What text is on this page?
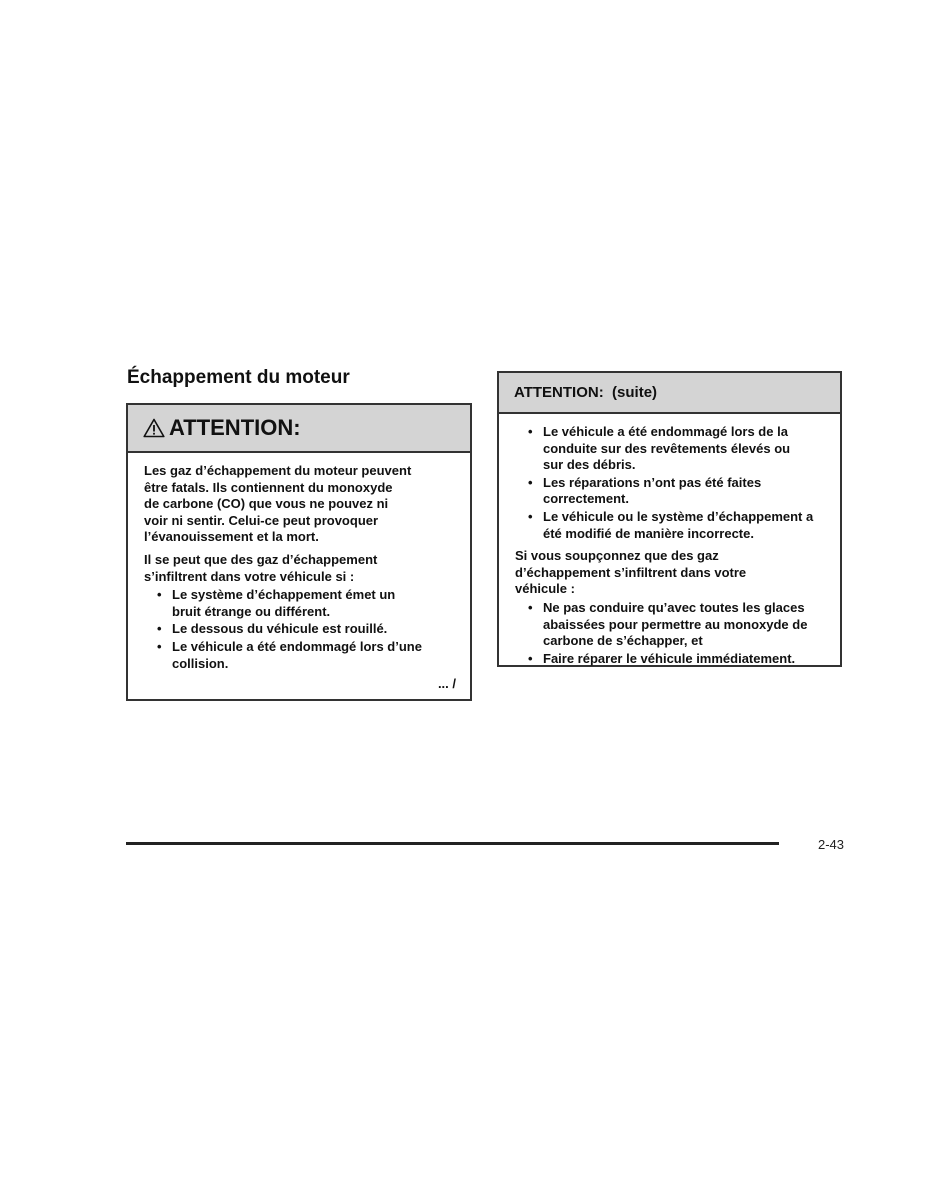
Échappement du moteur
ATTENTION:

Les gaz d’échappement du moteur peuvent
être fatals. Ils contiennent du monoxyde
de carbone (CO) que vous ne pouvez ni
voir ni sentir. Celui-ce peut provoquer
l’évanouissement et la mort.

Il se peut que des gaz d’échappement
s’infiltrent dans votre véhicule si :

• Le système d’échappement émet un bruit étrange ou différent.
• Le dessous du véhicule est rouillé.
• Le véhicule a été endommagé lors d’une collision.
... /
ATTENTION:  (suite)
• Le véhicule a été endommagé lors de la conduite sur des revêtements élevés ou sur des débris.
• Les réparations n’ont pas été faites correctement.
• Le véhicule ou le système d’échappement a été modifié de manière incorrecte.

Si vous soupçonnez que des gaz
d’échappement s’infiltrent dans votre
véhicule :

• Ne pas conduire qu’avec toutes les glaces abaissées pour permettre au monoxyde de carbone de s’échapper, et
• Faire réparer le véhicule immédiatement.
2-43
